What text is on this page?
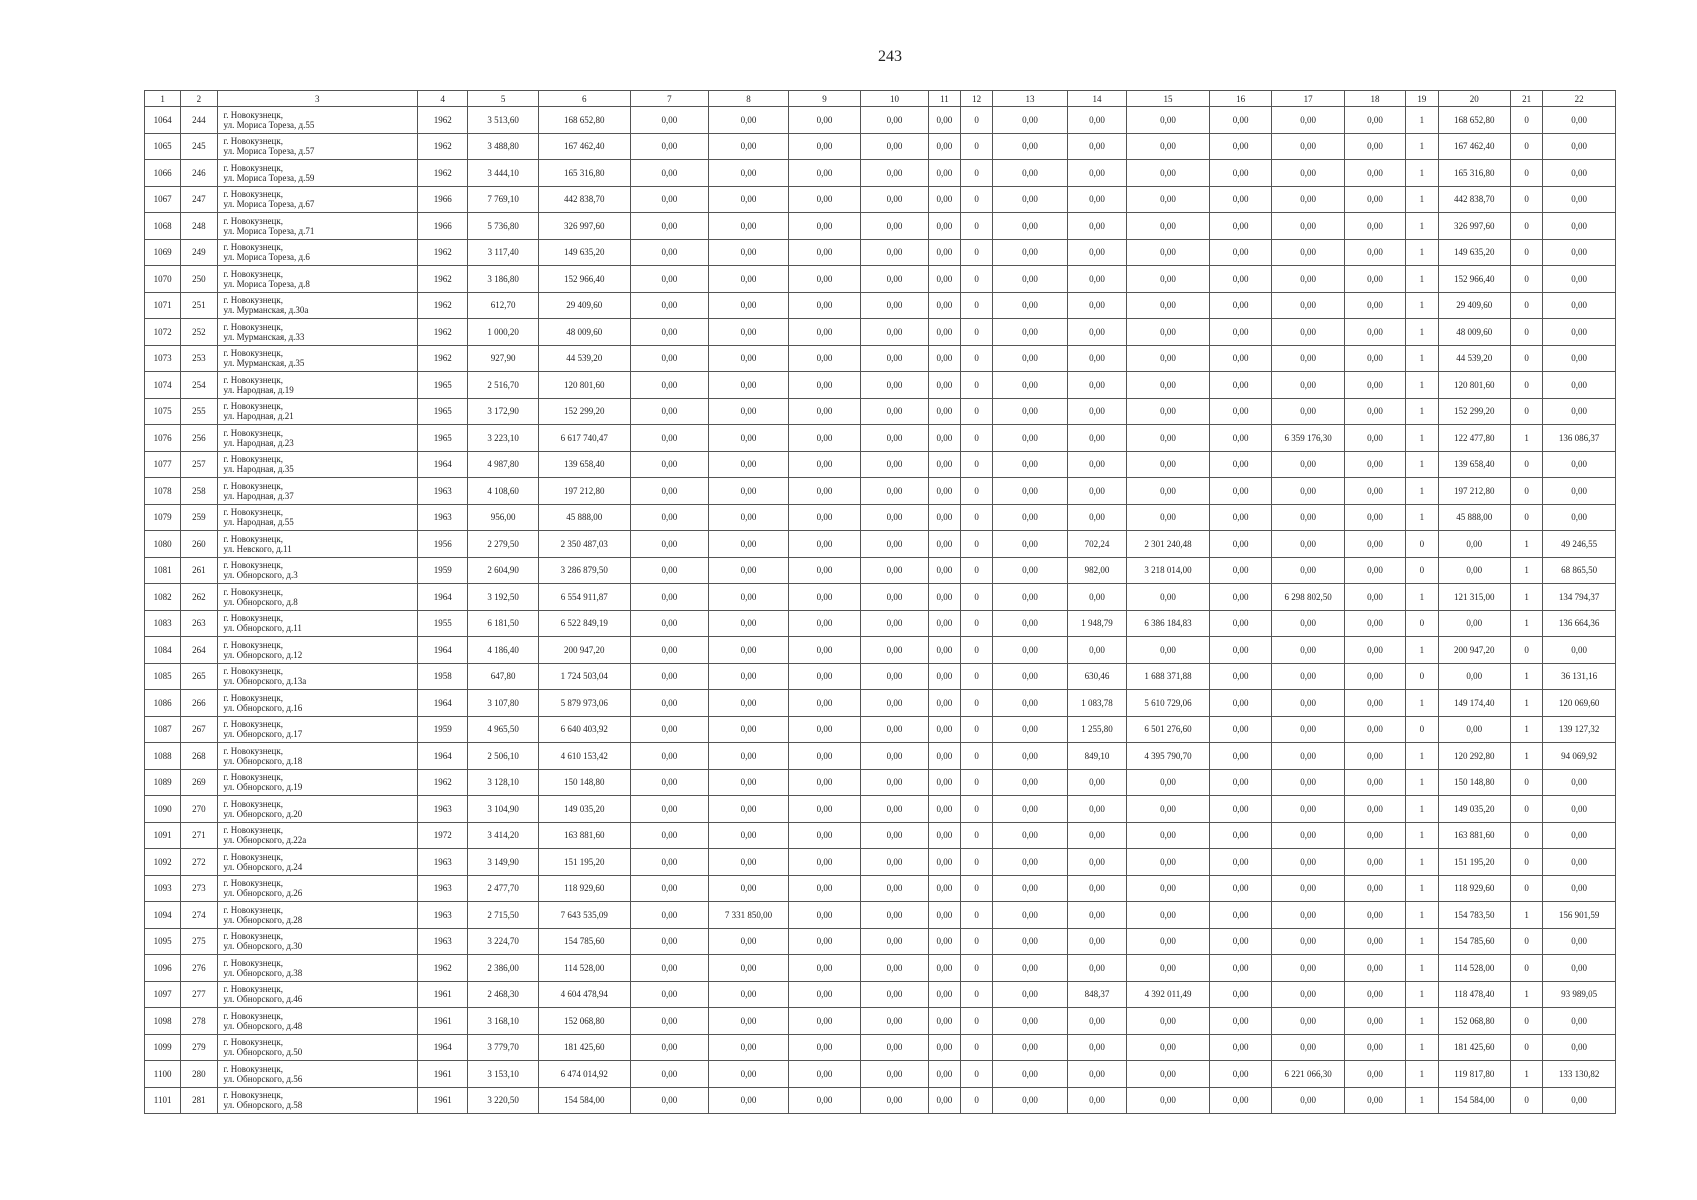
243
1	2	3	4	5	6	7	8	9	10	11	12	13	14	15	16	17	18	19	20	21	22
1064	244	г. Новокузнецк,
ул. Мориса Тореза, д.55	1962	3 513,60	168 652,80	0,00	0,00	0,00	0,00	0,00	0	0,00	0,00	0,00	0,00	0,00	0,00	1	168 652,80	0	0,00
1065	245	г. Новокузнецк,
ул. Мориса Тореза, д.57	1962	3 488,80	167 462,40	0,00	0,00	0,00	0,00	0,00	0	0,00	0,00	0,00	0,00	0,00	0,00	1	167 462,40	0	0,00
1066	246	г. Новокузнецк,
ул. Мориса Тореза, д.59	1962	3 444,10	165 316,80	0,00	0,00	0,00	0,00	0,00	0	0,00	0,00	0,00	0,00	0,00	0,00	1	165 316,80	0	0,00
1067	247	г. Новокузнецк,
ул. Мориса Тореза, д.67	1966	7 769,10	442 838,70	0,00	0,00	0,00	0,00	0,00	0	0,00	0,00	0,00	0,00	0,00	0,00	1	442 838,70	0	0,00
1068	248	г. Новокузнецк,
ул. Мориса Тореза, д.71	1966	5 736,80	326 997,60	0,00	0,00	0,00	0,00	0,00	0	0,00	0,00	0,00	0,00	0,00	0,00	1	326 997,60	0	0,00
1069	249	г. Новокузнецк,
ул. Мориса Тореза, д.6	1962	3 117,40	149 635,20	0,00	0,00	0,00	0,00	0,00	0	0,00	0,00	0,00	0,00	0,00	0,00	1	149 635,20	0	0,00
1070	250	г. Новокузнецк,
ул. Мориса Тореза, д.8	1962	3 186,80	152 966,40	0,00	0,00	0,00	0,00	0,00	0	0,00	0,00	0,00	0,00	0,00	0,00	1	152 966,40	0	0,00
1071	251	г. Новокузнецк,
ул. Мурманская, д.30а	1962	612,70	29 409,60	0,00	0,00	0,00	0,00	0,00	0	0,00	0,00	0,00	0,00	0,00	0,00	1	29 409,60	0	0,00
1072	252	г. Новокузнецк,
ул. Мурманская, д.33	1962	1 000,20	48 009,60	0,00	0,00	0,00	0,00	0,00	0	0,00	0,00	0,00	0,00	0,00	0,00	1	48 009,60	0	0,00
1073	253	г. Новокузнецк,
ул. Мурманская, д.35	1962	927,90	44 539,20	0,00	0,00	0,00	0,00	0,00	0	0,00	0,00	0,00	0,00	0,00	0,00	1	44 539,20	0	0,00
1074	254	г. Новокузнецк,
ул. Народная, д.19	1965	2 516,70	120 801,60	0,00	0,00	0,00	0,00	0,00	0	0,00	0,00	0,00	0,00	0,00	0,00	1	120 801,60	0	0,00
1075	255	г. Новокузнецк,
ул. Народная, д.21	1965	3 172,90	152 299,20	0,00	0,00	0,00	0,00	0,00	0	0,00	0,00	0,00	0,00	0,00	0,00	1	152 299,20	0	0,00
1076	256	г. Новокузнецк,
ул. Народная, д.23	1965	3 223,10	6 617 740,47	0,00	0,00	0,00	0,00	0,00	0	0,00	0,00	0,00	0,00	6 359 176,30	0,00	1	122 477,80	1	136 086,37
1077	257	г. Новокузнецк,
ул. Народная, д.35	1964	4 987,80	139 658,40	0,00	0,00	0,00	0,00	0,00	0	0,00	0,00	0,00	0,00	0,00	0,00	1	139 658,40	0	0,00
1078	258	г. Новокузнецк,
ул. Народная, д.37	1963	4 108,60	197 212,80	0,00	0,00	0,00	0,00	0,00	0	0,00	0,00	0,00	0,00	0,00	0,00	1	197 212,80	0	0,00
1079	259	г. Новокузнецк,
ул. Народная, д.55	1963	956,00	45 888,00	0,00	0,00	0,00	0,00	0,00	0	0,00	0,00	0,00	0,00	0,00	0,00	1	45 888,00	0	0,00
1080	260	г. Новокузнецк,
ул. Невского, д.11	1956	2 279,50	2 350 487,03	0,00	0,00	0,00	0,00	0,00	0	0,00	702,24	2 301 240,48	0,00	0,00	0,00	0	0,00	1	49 246,55
1081	261	г. Новокузнецк,
ул. Обнорского, д.3	1959	2 604,90	3 286 879,50	0,00	0,00	0,00	0,00	0,00	0	0,00	982,00	3 218 014,00	0,00	0,00	0,00	0	0,00	1	68 865,50
1082	262	г. Новокузнецк,
ул. Обнорского, д.8	1964	3 192,50	6 554 911,87	0,00	0,00	0,00	0,00	0,00	0	0,00	0,00	0,00	0,00	6 298 802,50	0,00	1	121 315,00	1	134 794,37
1083	263	г. Новокузнецк,
ул. Обнорского, д.11	1955	6 181,50	6 522 849,19	0,00	0,00	0,00	0,00	0,00	0	0,00	1 948,79	6 386 184,83	0,00	0,00	0,00	0	0,00	1	136 664,36
1084	264	г. Новокузнецк,
ул. Обнорского, д.12	1964	4 186,40	200 947,20	0,00	0,00	0,00	0,00	0,00	0	0,00	0,00	0,00	0,00	0,00	0,00	1	200 947,20	0	0,00
1085	265	г. Новокузнецк,
ул. Обнорского, д.13а	1958	647,80	1 724 503,04	0,00	0,00	0,00	0,00	0,00	0	0,00	630,46	1 688 371,88	0,00	0,00	0,00	0	0,00	1	36 131,16
1086	266	г. Новокузнецк,
ул. Обнорского, д.16	1964	3 107,80	5 879 973,06	0,00	0,00	0,00	0,00	0,00	0	0,00	1 083,78	5 610 729,06	0,00	0,00	0,00	1	149 174,40	1	120 069,60
1087	267	г. Новокузнецк,
ул. Обнорского, д.17	1959	4 965,50	6 640 403,92	0,00	0,00	0,00	0,00	0,00	0	0,00	1 255,80	6 501 276,60	0,00	0,00	0,00	0	0,00	1	139 127,32
1088	268	г. Новокузнецк,
ул. Обнорского, д.18	1964	2 506,10	4 610 153,42	0,00	0,00	0,00	0,00	0,00	0	0,00	849,10	4 395 790,70	0,00	0,00	0,00	1	120 292,80	1	94 069,92
1089	269	г. Новокузнецк,
ул. Обнорского, д.19	1962	3 128,10	150 148,80	0,00	0,00	0,00	0,00	0,00	0	0,00	0,00	0,00	0,00	0,00	0,00	1	150 148,80	0	0,00
1090	270	г. Новокузнецк,
ул. Обнорского, д.20	1963	3 104,90	149 035,20	0,00	0,00	0,00	0,00	0,00	0	0,00	0,00	0,00	0,00	0,00	0,00	1	149 035,20	0	0,00
1091	271	г. Новокузнецк,
ул. Обнорского, д.22а	1972	3 414,20	163 881,60	0,00	0,00	0,00	0,00	0,00	0	0,00	0,00	0,00	0,00	0,00	0,00	1	163 881,60	0	0,00
1092	272	г. Новокузнецк,
ул. Обнорского, д.24	1963	3 149,90	151 195,20	0,00	0,00	0,00	0,00	0,00	0	0,00	0,00	0,00	0,00	0,00	0,00	1	151 195,20	0	0,00
1093	273	г. Новокузнецк,
ул. Обнорского, д.26	1963	2 477,70	118 929,60	0,00	0,00	0,00	0,00	0,00	0	0,00	0,00	0,00	0,00	0,00	0,00	1	118 929,60	0	0,00
1094	274	г. Новокузнецк,
ул. Обнорского, д.28	1963	2 715,50	7 643 535,09	0,00	7 331 850,00	0,00	0,00	0,00	0	0,00	0,00	0,00	0,00	0,00	0,00	1	154 783,50	1	156 901,59
1095	275	г. Новокузнецк,
ул. Обнорского, д.30	1963	3 224,70	154 785,60	0,00	0,00	0,00	0,00	0,00	0	0,00	0,00	0,00	0,00	0,00	0,00	1	154 785,60	0	0,00
1096	276	г. Новокузнецк,
ул. Обнорского, д.38	1962	2 386,00	114 528,00	0,00	0,00	0,00	0,00	0,00	0	0,00	0,00	0,00	0,00	0,00	0,00	1	114 528,00	0	0,00
1097	277	г. Новокузнецк,
ул. Обнорского, д.46	1961	2 468,30	4 604 478,94	0,00	0,00	0,00	0,00	0,00	0	0,00	848,37	4 392 011,49	0,00	0,00	0,00	1	118 478,40	1	93 989,05
1098	278	г. Новокузнецк,
ул. Обнорского, д.48	1961	3 168,10	152 068,80	0,00	0,00	0,00	0,00	0,00	0	0,00	0,00	0,00	0,00	0,00	0,00	1	152 068,80	0	0,00
1099	279	г. Новокузнецк,
ул. Обнорского, д.50	1964	3 779,70	181 425,60	0,00	0,00	0,00	0,00	0,00	0	0,00	0,00	0,00	0,00	0,00	0,00	1	181 425,60	0	0,00
1100	280	г. Новокузнецк,
ул. Обнорского, д.56	1961	3 153,10	6 474 014,92	0,00	0,00	0,00	0,00	0,00	0	0,00	0,00	0,00	0,00	6 221 066,30	0,00	1	119 817,80	1	133 130,82
1101	281	г. Новокузнецк,
ул. Обнорского, д.58	1961	3 220,50	154 584,00	0,00	0,00	0,00	0,00	0,00	0	0,00	0,00	0,00	0,00	0,00	0,00	1	154 584,00	0	0,00
